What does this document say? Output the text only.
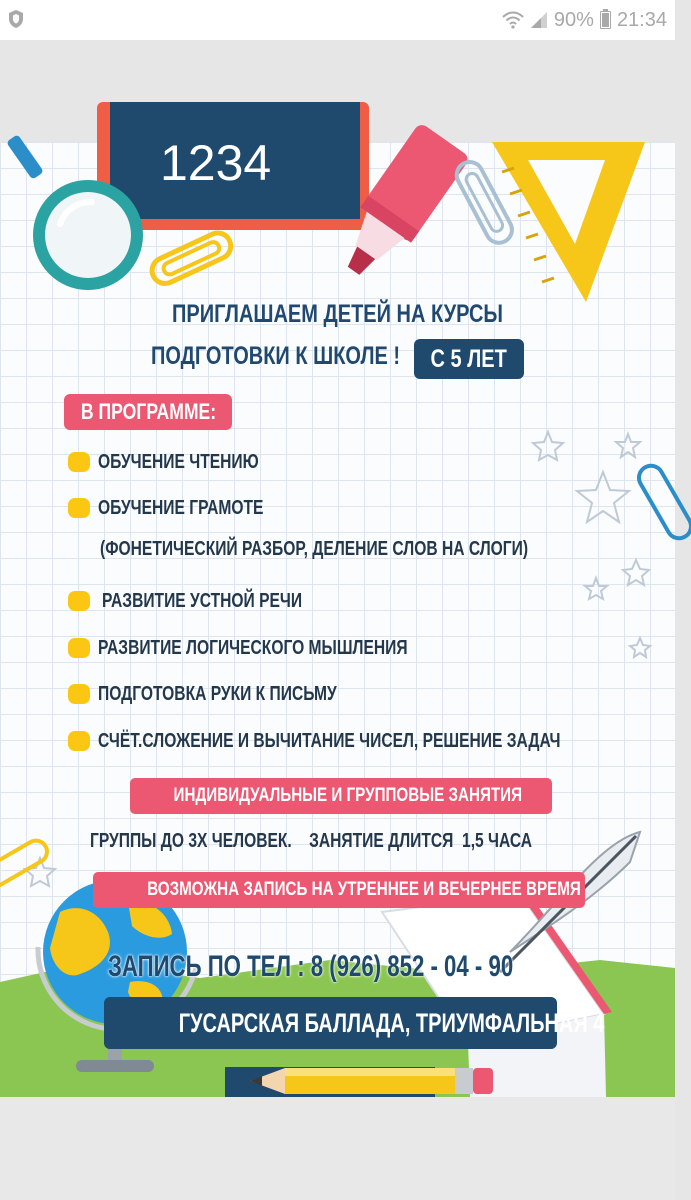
90% 21:34
1234
ПРИГЛАШАЕМ ДЕТЕЙ НА КУРСЫ
ПОДГОТОВКИ К ШКОЛЕ !	С 5 ЛЕТ
В ПРОГРАММЕ:
ОБУЧЕНИЕ ЧТЕНИЮ
ОБУЧЕНИЕ ГРАМОТЕ
(ФОНЕТИЧЕСКИЙ РАЗБОР, ДЕЛЕНИЕ СЛОВ НА СЛОГИ)
РАЗВИТИЕ УСТНОЙ РЕЧИ
РАЗВИТИЕ ЛОГИЧЕСКОГО МЫШЛЕНИЯ
ПОДГОТОВКА РУКИ К ПИСЬМУ
СЧЁТ.СЛОЖЕНИЕ И ВЫЧИТАНИЕ ЧИСЕЛ, РЕШЕНИЕ ЗАДАЧ
ИНДИВИДУАЛЬНЫЕ И ГРУППОВЫЕ ЗАНЯТИЯ
ГРУППЫ ДО 3Х ЧЕЛОВЕК.    ЗАНЯТИЕ ДЛИТСЯ  1,5 ЧАСА
ВОЗМОЖНА ЗАПИСЬ НА УТРЕННЕЕ И ВЕЧЕРНЕЕ ВРЕМЯ
ЗАПИСЬ ПО ТЕЛ : 8 (926) 852 - 04 - 90
ГУСАРСКАЯ БАЛЛАДА, ТРИУМФАЛЬНАЯ 4
